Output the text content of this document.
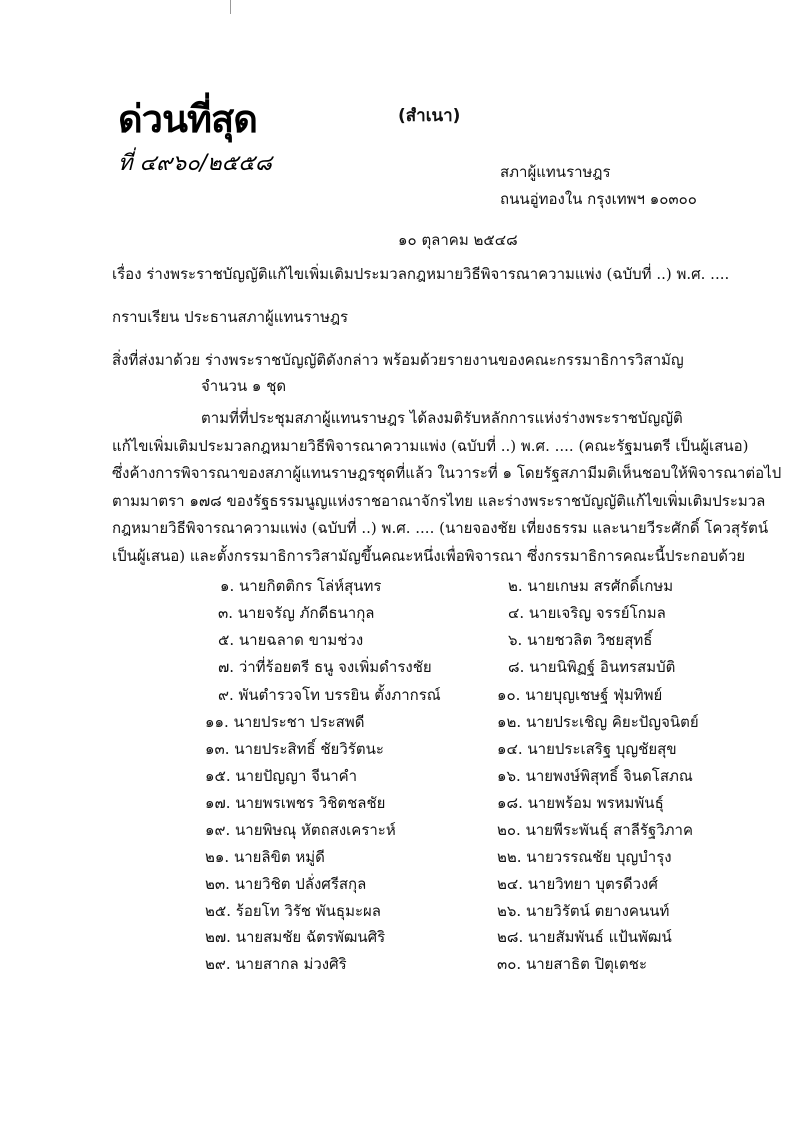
ด่วนที่สุด
ที่ ๔๙๖๐/๒๕๕๘
(สำเนา)
สภาผู้แทนราษฎร
ถนนอู่ทองใน กรุงเทพฯ ๑๐๓๐๐
๑๐ ตุลาคม ๒๕๔๘
เรื่อง ร่างพระราชบัญญัติแก้ไขเพิ่มเติมประมวลกฎหมายวิธีพิจารณาความแพ่ง (ฉบับที่ ..) พ.ศ. ....
กราบเรียน ประธานสภาผู้แทนราษฎร
สิ่งที่ส่งมาด้วย ร่างพระราชบัญญัติดังกล่าว พร้อมด้วยรายงานของคณะกรรมาธิการวิสามัญ
จำนวน ๑ ชุด
ตามที่ที่ประชุมสภาผู้แทนราษฎร ได้ลงมติรับหลักการแห่งร่างพระราชบัญญัติ
แก้ไขเพิ่มเติมประมวลกฎหมายวิธีพิจารณาความแพ่ง (ฉบับที่ ..) พ.ศ. .... (คณะรัฐมนตรี เป็นผู้เสนอ)
ซึ่งค้างการพิจารณาของสภาผู้แทนราษฎรชุดที่แล้ว ในวาระที่ ๑ โดยรัฐสภามีมติเห็นชอบให้พิจารณาต่อไป
ตามมาตรา ๑๗๘ ของรัฐธรรมนูญแห่งราชอาณาจักรไทย และร่างพระราชบัญญัติแก้ไขเพิ่มเติมประมวล
กฎหมายวิธีพิจารณาความแพ่ง (ฉบับที่ ..) พ.ศ. .... (นายจองชัย เที่ยงธรรม และนายวีระศักดิ์ โควสุรัตน์
เป็นผู้เสนอ) และตั้งกรรมาธิการวิสามัญขึ้นคณะหนึ่งเพื่อพิจารณา ซึ่งกรรมาธิการคณะนี้ประกอบด้วย
๑. นายกิตติกร โล่ห์สุนทร
๓. นายจรัญ ภักดีธนากุล
๕. นายฉลาด ขามช่วง
๗. ว่าที่ร้อยตรี ธนู จงเพิ่มดำรงชัย
๙. พันตำรวจโท บรรยิน ตั้งภากรณ์
๑๑. นายประชา ประสพดี
๑๓. นายประสิทธิ์ ชัยวิรัตนะ
๑๕. นายปัญญา จีนาคำ
๑๗. นายพรเพชร วิชิตชลชัย
๑๙. นายพิษณุ หัตถสงเคราะห์
๒๑. นายลิขิต หมู่ดี
๒๓. นายวิชิต ปลั่งศรีสกุล
๒๕. ร้อยโท วิรัช พันธุมะผล
๒๗. นายสมชัย ฉัตรพัฒนศิริ
๒๙. นายสากล ม่วงศิริ
๒. นายเกษม สรศักดิ์เกษม
๔. นายเจริญ จรรย์โกมล
๖. นายชวลิต วิชยสุทธิ์
๘. นายนิพิฏฐ์ อินทรสมบัติ
๑๐. นายบุญเชษฐ์ ฟุ่มทิพย์
๑๒. นายประเชิญ คิยะปัญจนิตย์
๑๔. นายประเสริฐ บุญชัยสุข
๑๖. นายพงษ์พิสุทธิ์ จินดโสภณ
๑๘. นายพร้อม พรหมพันธุ์
๒๐. นายพีระพันธุ์ สาลีรัฐวิภาค
๒๒. นายวรรณชัย บุญบำรุง
๒๔. นายวิทยา บุตรดีวงศ์
๒๖. นายวิรัตน์ ตยางคนนท์
๒๘. นายสัมพันธ์ แป้นพัฒน์
๓๐. นายสาธิต ปิตุเตชะ
